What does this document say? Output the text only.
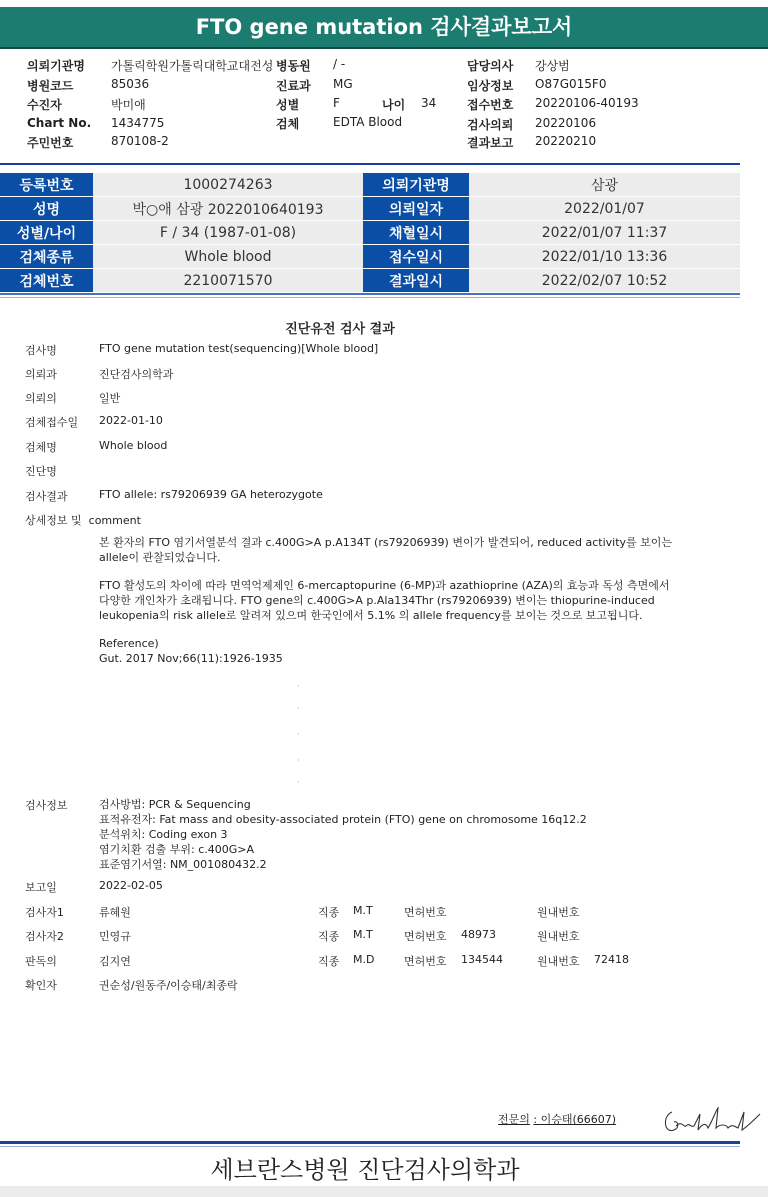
FTO gene mutation 검사결과보고서
의뢰기관명 가톨릭학원가톨릭대학교대전성
병원코드	85036
수진자	박미애
Chart No. 1434775
주민번호	870108-2
병동원 / -
진료과 MG
성별	F	나이 34
검체	EDTA Blood
담당의사 강상범
임상정보 O87G015F0
접수번호 20220106-40193
검사의뢰 20220106
결과보고 20220210
등록번호	1000274263	의뢰기관명	삼광
성명	박○애 삼광 2022010640193	의뢰일자	2022/01/07
성별/나이	F / 34 (1987-01-08)	채혈일시	2022/01/07 11:37
검체종류	Whole blood	접수일시	2022/01/10 13:36
검체번호	2210071570	결과일시	2022/02/07 10:52
진단유전 검사 결과
검사명	FTO gene mutation test(sequencing)[Whole blood]
의뢰과	진단검사의학과
의뢰의	일반
검체접수일 2022-01-10
검체명	Whole blood
진단명
검사결과	FTO allele: rs79206939 GA heterozygote
상세정보 및 comment
본 환자의 FTO 염기서열분석 결과 c.400G>A p.A134T (rs79206939) 변이가 발견되어, reduced activity를 보이는 allele이 관찰되었습니다.
FTO 활성도의 차이에 따라 면역억제제인 6-mercaptopurine (6-MP)과 azathioprine (AZA)의 효능과 독성 측면에서 다양한 개인차가 초래됩니다. FTO gene의 c.400G>A p.Ala134Thr (rs79206939) 변이는 thiopurine-induced leukopenia의 risk allele로 알려져 있으며 한국인에서 5.1% 의 allele frequency를 보이는 것으로 보고됩니다.
Reference)
Gut. 2017 Nov;66(11):1926-1935
·
·
·
·
·
검사정보	검사방법: PCR & Sequencing
표적유전자: Fat mass and obesity-associated protein (FTO) gene on chromosome 16q12.2
분석위치: Coding exon 3
염기치환 검출 부위: c.400G>A
표준염기서열: NM_001080432.2
보고일	2022-02-05
검사자1	류혜원	직종 M.T	면허번호	원내번호
검사자2	민영규	직종 M.T	면허번호 48973	원내번호
판독의	김지연	직종 M.D	면허번호 134544	원내번호 72418
확인자	권순성/원동주/이승태/최종락
전문의 : 이승태(66607)
세브란스병원 진단검사의학과
